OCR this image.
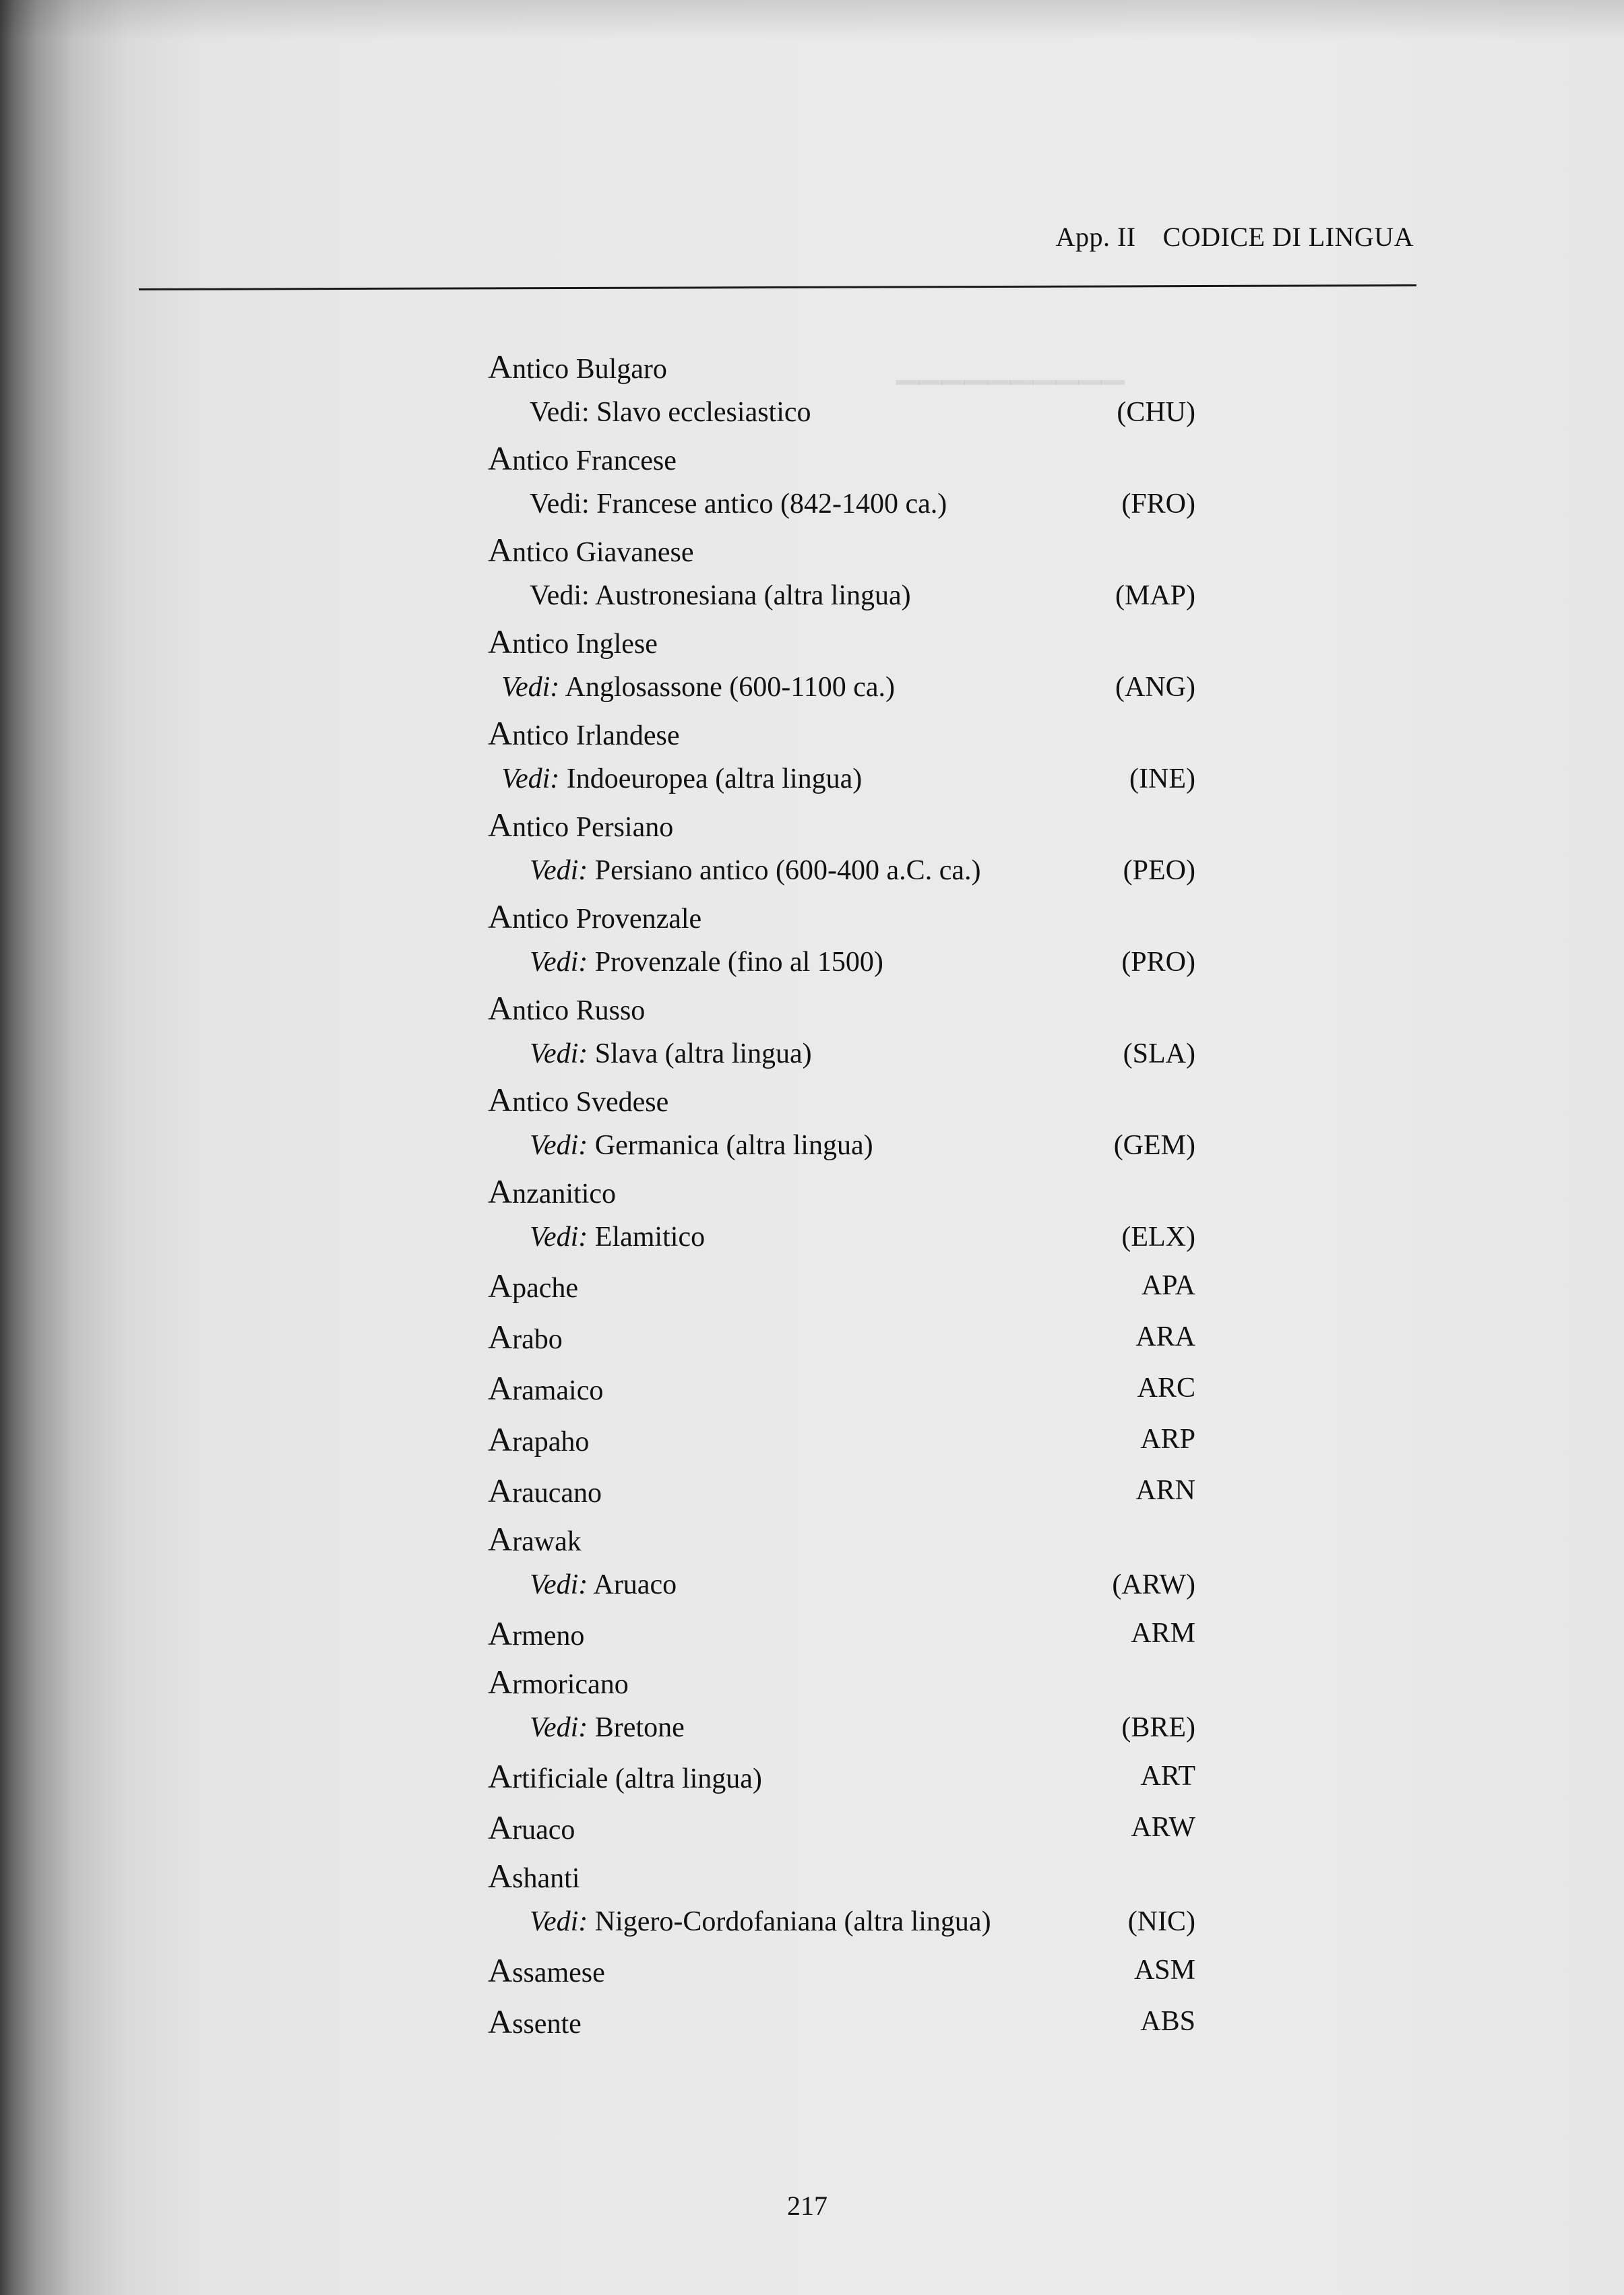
App. II CODICE DI LINGUA
Antico Bulgaro
Vedi: Slavo ecclesiastico	(CHU)
Antico Francese
Vedi: Francese antico (842-1400 ca.)	(FRO)
Antico Giavanese
Vedi: Austronesiana (altra lingua)	(MAP)
Antico Inglese
Vedi: Anglosassone (600-1100 ca.)	(ANG)
Antico Irlandese
Vedi: Indoeuropea (altra lingua)	(INE)
Antico Persiano
Vedi: Persiano antico (600-400 a.C. ca.)	(PEO)
Antico Provenzale
Vedi: Provenzale (fino al 1500)	(PRO)
Antico Russo
Vedi: Slava (altra lingua)	(SLA)
Antico Svedese
Vedi: Germanica (altra lingua)	(GEM)
Anzanitico
Vedi: Elamitico	(ELX)
Apache	APA
Arabo	ARA
Aramaico	ARC
Arapaho	ARP
Araucano	ARN
Arawak
Vedi: Aruaco	(ARW)
Armeno	ARM
Armoricano
Vedi: Bretone	(BRE)
Artificiale (altra lingua)	ART
Aruaco	ARW
Ashanti
Vedi: Nigero-Cordofaniana (altra lingua)	(NIC)
Assamese	ASM
Assente	ABS
217
